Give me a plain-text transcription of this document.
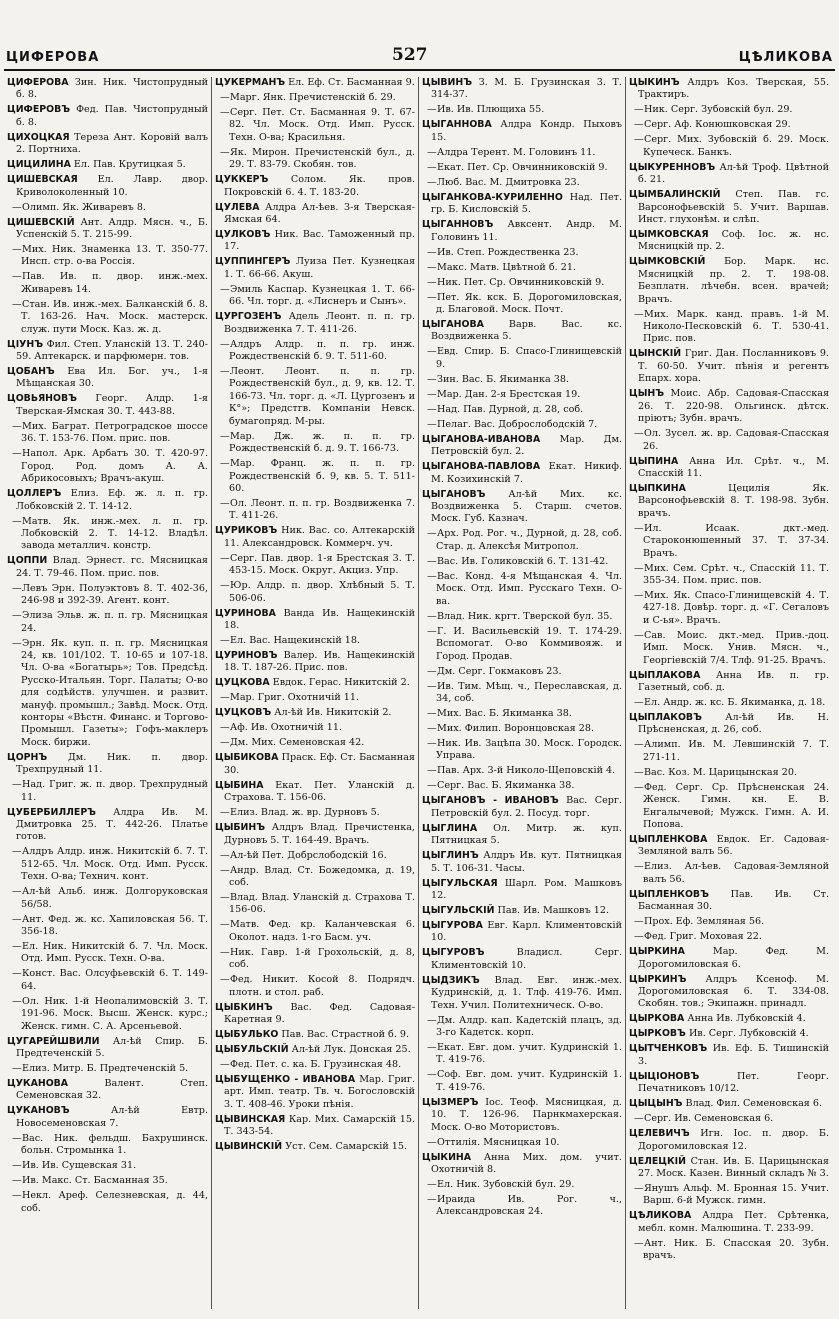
ЦИФЕРОВА	527	ЦѢЛИКОВА

ЦИФЕРОВА Зин. Ник. Чистопрудный б. 8.

ЦИФЕРОВЪ Фед. Пав. Чистопрудный б. 8.

ЦИХОЦКАЯ Тереза Ант. Коровій валъ 2. Портниха.

ЦИЦИЛИНА Ел. Пав. Крутицкая 5.

ЦИШЕВСКАЯ Ел. Лавр. двор. Криволоколенный 10.

—Олимп. Як. Живаревъ 8.

ЦИШЕВСКІЙ Ант. Алдр. Мясн. ч., Б. Успенскій 5. Т. 215-99.

—Мих. Ник. Знаменка 13. Т. 350-77. Инсп. стр. о-ва Россія.

—Пав. Ив. п. двор. инж.-мех. Живаревъ 14.

—Стан. Ив. инж.-мех. Балканскій б. 8. Т. 163-26. Нач. Моск. мастерск. служ. пути Моск. Каз. ж. д.

ЦІУНЪ Фил. Степ. Уланскій 13. Т. 240-59. Аптекарск. и парфюмерн. тов.

ЦОБАНЪ Ева Ил. Бог. уч., 1-я Мѣщанская 30.

ЦОВЬЯНОВЪ Георг. Алдр. 1-я Тверская-Ямская 30. Т. 443-88.

—Мих. Баграт. Петроградское шоссе 36. Т. 153-76. Пом. прис. пов.

—Напол. Арк. Арбатъ 30. Т. 420-97. Город. Род. домъ А. А. Абрикосовыхъ; Врачъ-акуш.

ЦОЛЛЕРЪ Елиз. Еф. ж. л. п. гр. Лобковскій 2. Т. 14-12.

—Матв. Як. инж.-мех. л. п. гр. Лобковскій 2. Т. 14-12. Владѣл. завода металлич. констр.

ЦОППИ Влад. Эрнест. гс. Мясницкая 24. Т. 79-46. Пом. прис. пов.

—Левъ Эрн. Полуэктовъ 8. Т. 402-36, 246-98 и 392-39. Агент. конт.

—Элиза Эльв. ж. п. п. гр. Мясницкая 24.

—Эрн. Як. куп. п. п. гр. Мясницкая 24, кв. 101/102. Т. 10-65 и 107-18. Чл. О-ва «Богатырь»; Тов. Предсѣд. Русско-Итальян. Торг. Палаты; О-во для содѣйств. улучшен. и развит. мануф. промышл.; Завѣд. Моск. Отд. конторы «Вѣстн. Финанс. и Торгово-Промышл. Газеты»; Гофъ-маклеръ Моск. биржи.

ЦОРНЪ Дм. Ник. п. двор. Трехпрудный 11.

—Над. Григ. ж. п. двор. Трехпрудный 11.

ЦУБЕРБИЛЛЕРЪ Алдра Ив. М. Дмитровка 25. Т. 442-26. Платье готов.

—Алдръ Алдр. инж. Никитскій б. 7. Т. 512-65. Чл. Моск. Отд. Имп. Русск. Техн. О-ва; Технич. конт.

—Ал-ѣй Альб. инж. Долгоруковская 56/58.

—Ант. Фед. ж. кс. Хапиловская 56. Т. 356-18.

—Ел. Ник. Никитскій б. 7. Чл. Моск. Отд. Имп. Русск. Техн. О-ва.

—Конст. Вас. Олсуфьевскій 6. Т. 149-64.

—Ол. Ник. 1-й Неопалимовскій 3. Т. 191-96. Моск. Высш. Женск. курс.; Женск. гимн. С. А. Арсеньевой.

ЦУГАРЕЙШВИЛИ Ал-ѣй Спир. Б. Предтеченскій 5.

—Елиз. Митр. Б. Предтеченскій 5.

ЦУКАНОВА	Валент. Степ. Семеновская 32.

ЦУКАНОВЪ	Ал-ѣй Евтр. Новосеменовская 7.

—Вас. Ник. фельдш. Бахрушинск. больн. Стромынка 1.

—Ив. Ив. Сущевская 31.

—Ив. Макс. Ст. Басманная 35.

—Некл. Ареф. Селезневская, д. 44, соб.

ЦУКЕРМАНЪ Ел. Еф. Ст. Басманная 9.

—Марг. Янк. Пречистенскій б. 29.

—Серг. Пет. Ст. Басманная 9. Т. 67-82. Чл. Моск. Отд. Имп. Русск. Техн. О-ва; Красильня.

—Як. Мирон. Пречистенскій бул., д. 29. Т. 83-79. Скобян. тов.

ЦУККЕРЪ Солом. Як. пров. Покровскій 6. 4. Т. 183-20.

ЦУЛЕВА Алдра Ал-ѣев. 3-я Тверская-Ямская 64.

ЦУЛКОВЪ Ник. Вас. Таможенный пр. 17.

ЦУППИНГЕРЪ Луиза Пет. Кузнецкая 1. Т. 66-66. Акуш.

—Эмиль Каспар. Кузнецкая 1. Т. 66-66. Чл. торг. д. «Лиснеръ и Сынъ».

ЦУРГОЗЕНЪ Адель Леонт. п. п. гр. Воздвиженка 7. Т. 411-26.

—Алдръ Алдр. п. п. гр. инж. Рождественскій б. 9. Т. 511-60.

—Леонт. Леонт. п. п. гр. Рождественскій бул., д. 9, кв. 12. Т. 166-73. Чл. торг. д. «Л. Цургозенъ и К°»; Предстгв. Компаніи Невск. бумагопряд. М-ры.

—Мар. Дж. ж. п. п. гр. Рождественскій б. д. 9. Т. 166-73.

—Мар. Франц. ж. п. п. гр. Рождественскій б. 9, кв. 5. Т. 511-60.

—Ол. Леонт. п. п. гр. Воздвиженка 7. Т. 411-26.

ЦУРИКОВЪ Ник. Вас. со. Алтекарскій 11. Александровск. Коммерч. уч.

—Серг. Пав. двор. 1-я Брестская 3. Т. 453-15. Моск. Округ. Акциз. Упр.

—Юр. Алдр. п. двор. Хлѣбный 5. Т. 506-06.

ЦУРИНОВА Ванда Ив. Нащекинскій 18.

—Ел. Вас. Нащекинскій 18.

ЦУРИНОВЪ Валер. Ив. Нащекинскій 18. Т. 187-26. Прис. пов.

ЦУЦКОВА Евдок. Герас. Никитскій 2.

—Мар. Григ. Охотничій 11.

ЦУЦКОВЪ Ал-ѣй Ив. Никитскій 2.

—Аф. Ив. Охотничій 11.

—Дм. Мих. Семеновская 42.

ЦЫБИКОВА Праск. Еф. Ст. Басманная 30.

ЦЫБИНА Екат. Пет. Уланскій д. Страхова. Т. 156-06.

—Елиз. Влад. ж. вр. Дурновъ 5.

ЦЫБИНЪ Алдръ Влад. Пречистенка, Дурновъ 5. Т. 164-49. Врачъ.

—Ал-ѣй Пет. Добрслободскій 16.

—Андр. Влад. Ст. Божедомка, д. 19, соб.

—Влад. Влад. Уланскій д. Страхова Т. 156-06.

—Матв. Фед. кр. Каланчевская 6. Околот. надз. 1-го Басм. уч.

—Ник. Гавр. 1-й Грохольскій, д. 8, соб.

—Фед. Никит. Косой 8. Подрядч. плотн. и стол. раб.

ЦЫБКИНЪ Вас. Фед. Садовая-Каретная 9.

ЦЫБУЛЬКО Пав. Вас. Страстной б. 9.

ЦЫБУЛЬСКІЙ Ал-ѣй Лук. Донская 25.

—Фед. Пет. с. ка. Б. Грузинская 48.

ЦЫБУЩЕНКО - ИВАНОВА Мар. Григ. арт. Имп. театр. Тв. ч. Богословскій 3. Т. 408-46. Уроки пѣнія.

ЦЫВИНСКАЯ Кар. Мих. Самарскій 15. Т. 343-54.

ЦЫВИНСКІЙ Уст. Сем. Самарскій 15.

ЦЫВИНЪ З. М. Б. Грузинская 3. Т. 314-37.

—Ив. Ив. Плющиха 55.

ЦЫГАННОВА Алдра Кондр. Пыховъ 15.

—Алдра Терент. М. Головинъ 11.

—Екат. Пет. Ср. Овчинниковскій 9.

—Люб. Вас. М. Дмитровка 23.

ЦЫГАНКОВА-КУРИЛЕННО Над. Пет. гр. Б. Кисловскій 5.

ЦЫГАННОВЪ Авксент. Андр. М. Головинъ 11.

—Ив. Степ. Рождественка 23.

—Макс. Матв. Цвѣтной б. 21.

—Ник. Пет. Ср. Овчинниковскій 9.

—Пет. Як. кск. Б. Дорогомиловская, д. Благовой. Моск. Почт.

ЦЫГАНОВА	Варв. Вас. кс. Воздвиженка 5.

—Евд. Спир. Б. Спасо-Глинищевскій 9.

—Зин. Вас. Б. Якиманка 38.

—Мар. Дан. 2-я Брестская 19.

—Над. Пав. Дурной, д. 28, соб.

—Пелаг. Вас. Доброслободскій 7.

ЦЫГАНОВА-ИВАНОВА Мар. Дм. Петровскій бул. 2.

ЦЫГАНОВА-ПАВЛОВА Екат. Никиф. М. Козихинскій 7.

ЦЫГАНОВЪ Ал-ѣй Мих. кс. Воздвиженка 5. Старш. счетов. Моск. Губ. Казнач.

—Арх. Род. Рог. ч., Дурной, д. 28, соб. Стар. д. Алексѣя Митропол.

—Вас. Ив. Голиковскій 6. Т. 131-42.

—Вас. Конд. 4-я Мѣщанская 4. Чл. Моск. Отд. Имп. Русскаго Техн. О-ва.

—Влад. Ник. кргт. Тверской бул. 35.

—Г. И. Васильевскій 19. Т. 174-29. Вспомогат. О-во Коммивояж. и Город. Продав.

—Дм. Серг. Гокмаковъ 23.

—Ив. Тим. Мѣщ. ч., Переславская, д. 34, соб.

—Мих. Вас. Б. Якиманка 38.

—Мих. Филип. Воронцовская 28.

—Ник. Ив. Зацѣпа 30. Моск. Городск. Управа.

—Пав. Арх. 3-й Николо-Щеповскій 4.

—Серг. Вас. Б. Якиманка 38.

ЦЫГАНОВЪ - ИВАНОВЪ Вас. Серг. Петровскій бул. 2. Посуд. торг.

ЦЫГЛИНА Ол. Митр. ж. куп. Пятницкая 5.

ЦЫГЛИНЪ Алдръ Ив. кут. Пятницкая 5. Т. 106-31. Часы.

ЦЫГУЛЬСКАЯ Шарл. Ром. Машковъ 12.

ЦЫГУЛЬСКІЙ Пав. Ив. Машковъ 12.

ЦЫГУРОВА Евг. Карл. Климентовскій 10.

ЦЫГУРОВЪ	Владисл. Серг. Климентовскій 10.

ЦЫДЗИКЪ Влад. Евг. инж.-мех. Кудринскій, д. 1. Тлф. 419-76. Имп. Техн. Учил. Политехническ. О-во.

—Дм. Алдр. кап. Кадетскій плацъ, зд. 3-го Кадетск. корп.

—Екат. Евг. дом. учит. Кудринскій 1. Т. 419-76.

—Соф. Евг. дом. учит. Кудринскій 1. Т. 419-76.

ЦЫЗМЕРЪ Іос. Теоф. Мясницкая, д. 10. Т. 126-96. Парнкмахерская. Моск. О-во Мотористовъ.

—Оттилія. Мясницкая 10.

ЦЫКИНА Анна Мих. дом. учит. Охотничій 8.

—Ел. Ник. Зубовскій бул. 29.

—Ираида Ив. Рог. ч., Александровская 24.

ЦЫКИНЪ Алдръ Коз. Тверская, 55. Трактиръ.

—Ник. Серг. Зубовскій бул. 29.

—Серг. Аф. Конюшковская 29.

—Серг. Мих. Зубовскій б. 29. Моск. Купеческ. Банкъ.

ЦЫКУРЕННОВЪ Ал-ѣй Троф. Цвѣтной б. 21.

ЦЫМБАЛИНСКІЙ Степ. Пав. гс. Варсонофьевскій 5. Учит. Варшав. Инст. глухонѣм. и слѣп.

ЦЫМКОВСКАЯ Соф. Іос. ж. нс. Мясницкій пр. 2.

ЦЫМКОВСКІЙ Бор. Марк. нс. Мясницкій пр. 2. Т. 198-08. Безплатн. лѣчебн. всен. врачей; Врачъ.

—Мих. Марк. канд. правъ. 1-й М. Николо-Песковскій 6. Т. 530-41. Прис. пов.

ЦЫНСКІЙ Григ. Дан. Посланниковъ 9. Т. 60-50. Учит. пѣнія и регентъ Епарх. хора.

ЦЫНЪ Моис. Абр. Садовая-Спасская 26. Т. 220-98. Ольгинск. дѣтск. пріютъ; Зубн. врачъ.

—Ол. Зусел. ж. вр. Садовая-Спасская 26.

ЦЫПИНА Анна Ил. Срѣт. ч., М. Спасскій 11.

ЦЫПКИНА	Цецилія Як. Варсонофьевскій 8. Т. 198-98. Зубн. врачъ.

—Ил. Исаак. дкт.-мед. Староконюшенный 37. Т. 37-34. Врачъ.

—Мих. Сем. Срѣт. ч., Спасскій 11. Т. 355-34. Пом. прис. пов.

—Мих. Як. Спасо-Глинищевскій 4. Т. 427-18. Довѣр. торг. д. «Г. Сегаловъ и С-ья». Врачъ.

—Сав. Моис. дкт.-мед. Прив.-доц. Имп. Моск. Унив. Мясн. ч., Георгіевскій 7/4. Тлф. 91-25. Врачъ.

ЦЫПЛАКОВА Анна Ив. п. гр. Газетный, соб. д.

—Ел. Андр. ж. кс. Б. Якиманка, д. 18.

ЦЫПЛАКОВЪ Ал-ѣй Ив. Н. Прѣсненская, д. 26, соб.

—Алимп. Ив. М. Левшинскій 7. Т. 271-11.

—Вас. Коз. М. Царицынская 20.

—Фед. Серг. Ср. Прѣсненская 24. Женск. Гимн. кн. Е. В. Енгалычевой; Мужск. Гимн. А. И. Попова.

ЦЫПЛЕНКОВА Евдок. Ег. Садовая-Земляной валъ 56.

—Елиз. Ал-ѣев. Садовая-Земляной валъ 56.

ЦЫПЛЕНКОВЪ Пав. Ив. Ст. Басманная 30.

—Прох. Еф. Земляная 56.

—Фед. Григ. Моховая 22.

ЦЫРКИНА	Мар. Фед. М. Дорогомиловская 6.

ЦЫРКИНЪ Алдръ Ксеноф. М. Дорогомиловская 6. Т. 334-08. Скобян. тов.; Экипажн. принадл.

ЦЫРКОВА Анна Ив. Лубковскій 4.

ЦЫРКОВЪ Ив. Серг. Лубковскій 4.

ЦЫТЧЕНКОВЪ Ив. Еф. Б. Тишинскій 3.

ЦЫЦІОНОВЪ	Пет. Георг. Печатниковъ 10/12.

ЦЫЦЫНЪ Влад. Фил. Семеновская 6.

—Серг. Ив. Семеновская 6.

ЦЕЛЕВИЧЪ Игн. Іос. п. двор. Б. Дорогомиловская 12.

ЦЕЛЕЦКІЙ Стан. Ив. Б. Царицынская 27. Моск. Казен. Винный складъ № 3.

—Янушъ Альф. М. Бронная 15. Учит. Варш. 6-й Мужск. гимн.

ЦѢЛИКОВА Алдра Пет. Срѣтенка, мебл. комн. Малюшина. Т. 233-99.

—Ант. Ник. Б. Спасская 20. Зубн. врачъ.
